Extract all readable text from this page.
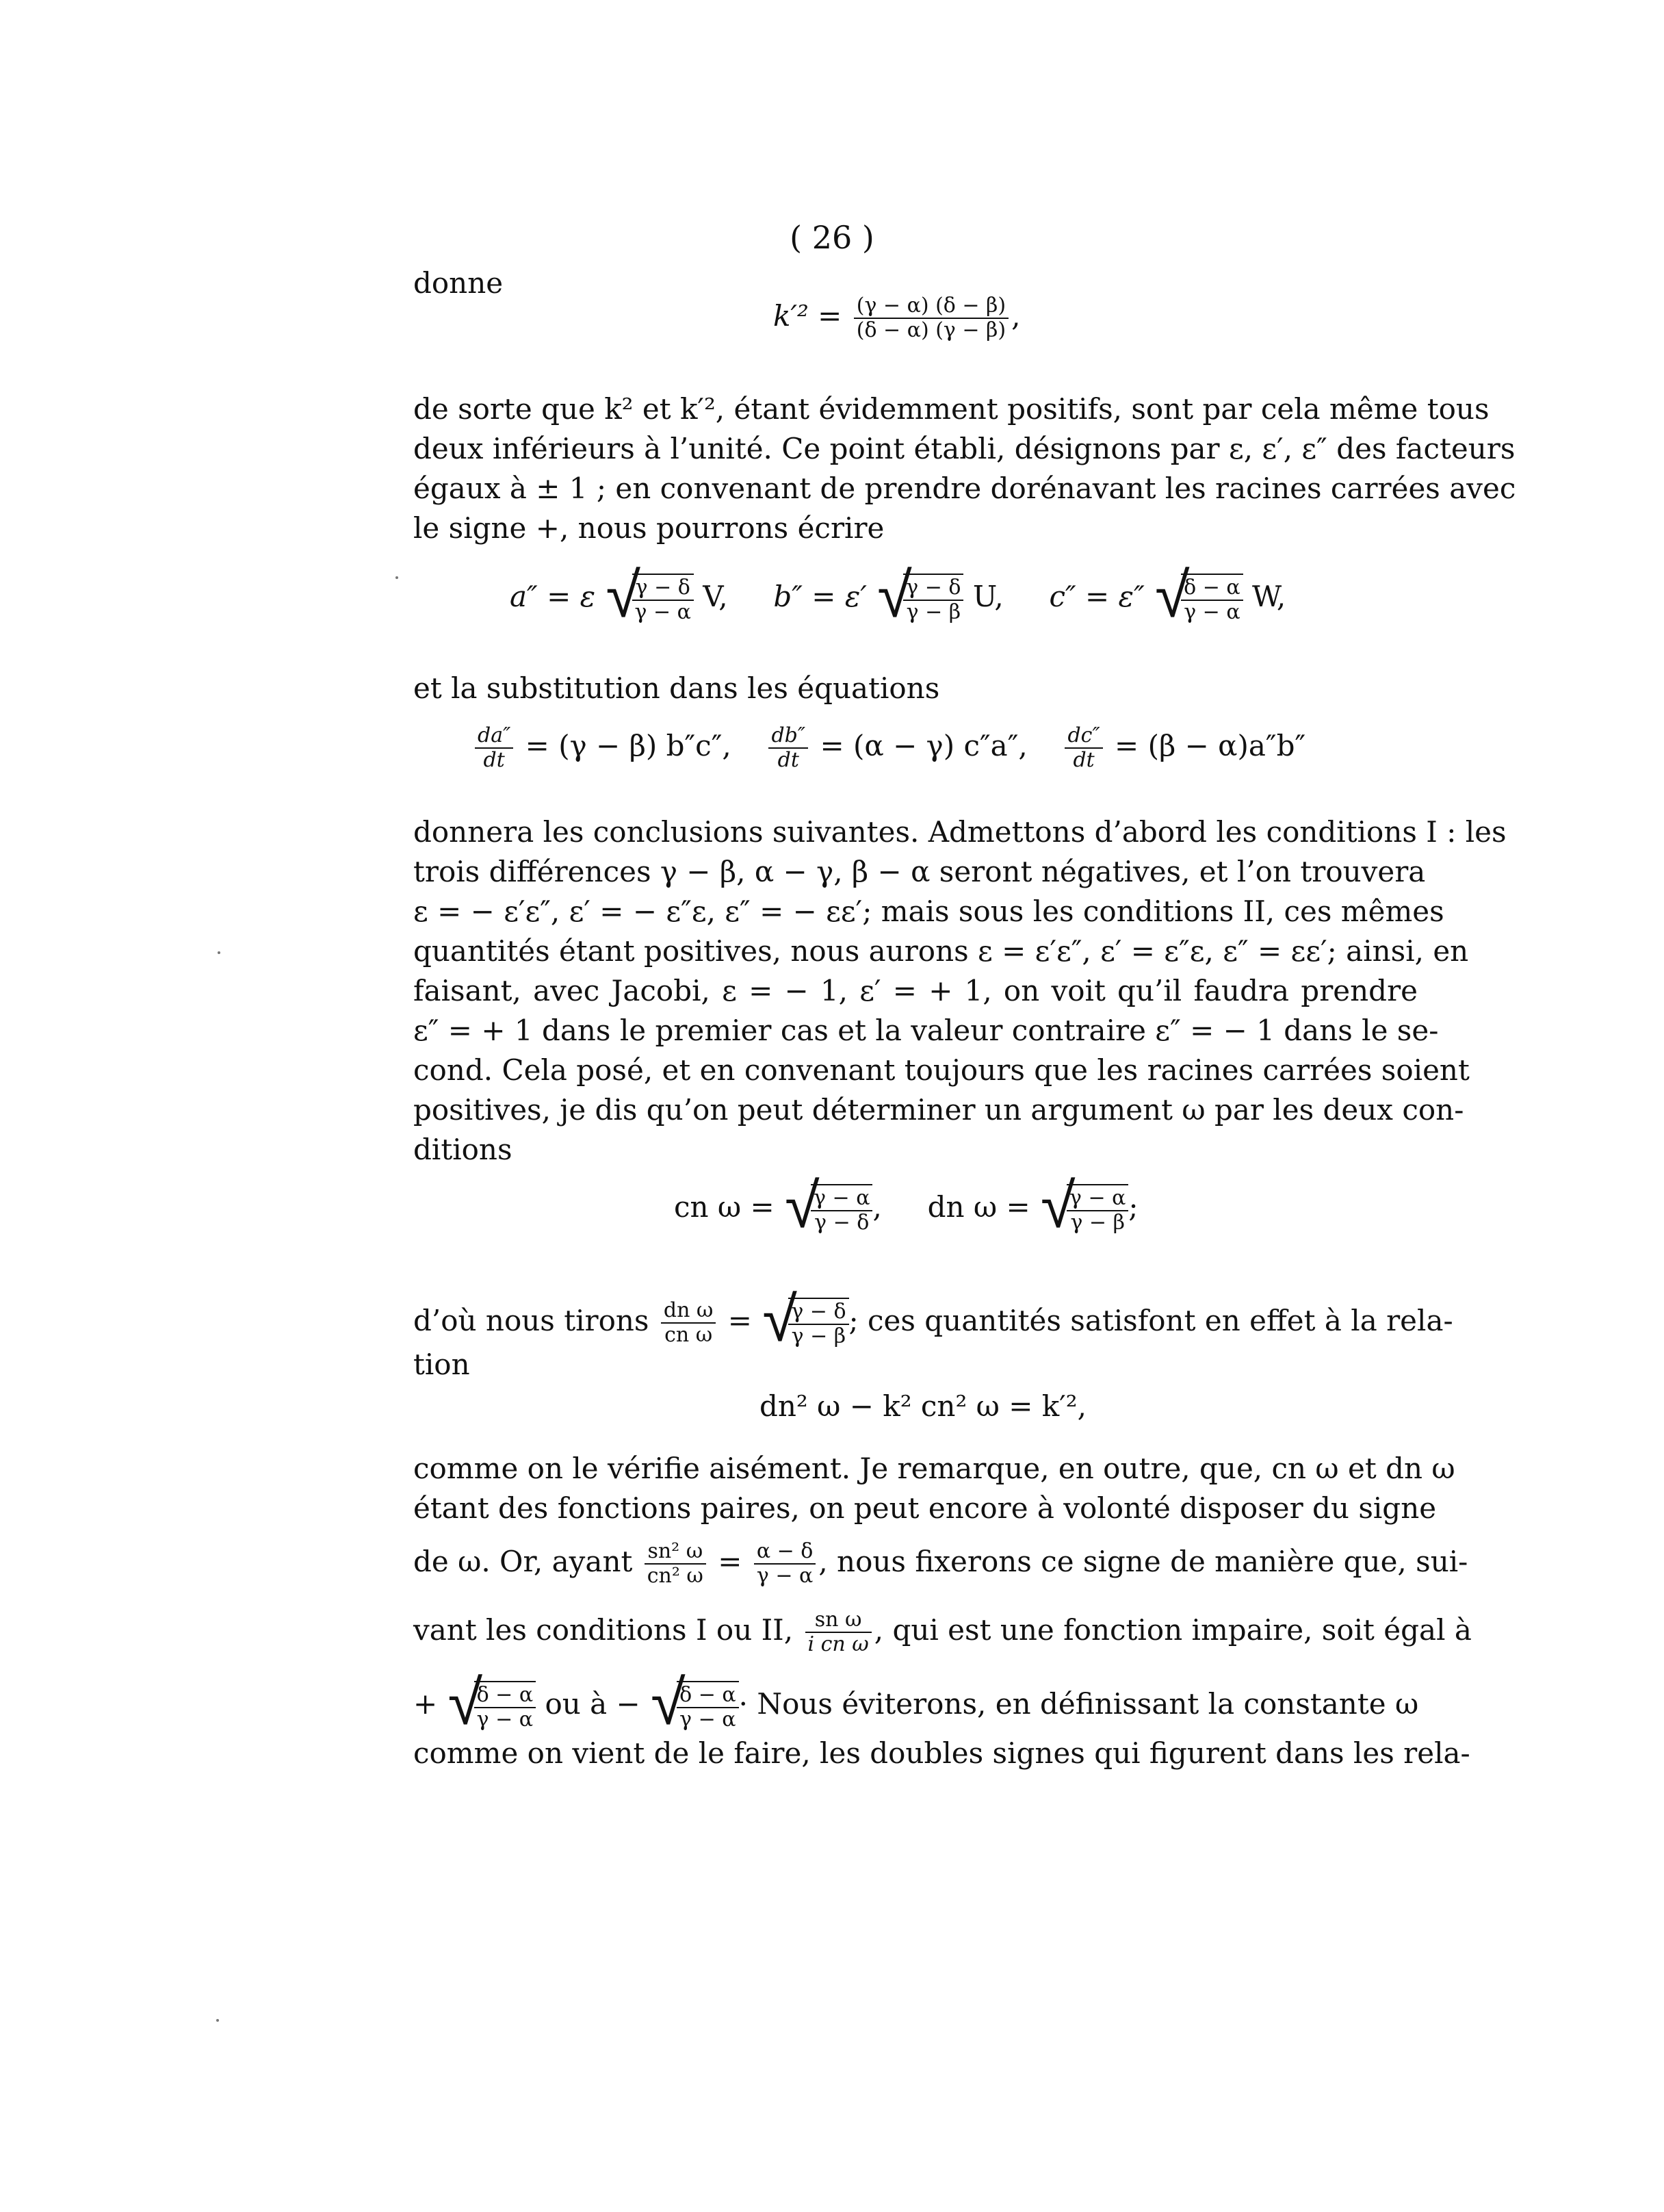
( 26 )
donne
$k'^2 = \frac{(\gamma - \alpha) (\delta - \beta)}{(\delta - \alpha) (\gamma - \beta)}$ ,
de sorte que k² et k′², étant évidemment positifs, sont par cela même tous
deux inférieurs à l’unité. Ce point établi, désignons par ε, ε′, ε″ des facteurs
égaux à ± 1 ; en convenant de prendre dorénavant les racines carrées avec
le signe +, nous pourrons écrire
a″ = ε √ $\frac{\gamma - \delta}{\gamma - \alpha} V$, b″ = ε′ √ $\frac{\gamma - \delta}{\gamma - \beta} U$, c″ = ε″ √ $\frac{\delta - \alpha}{\gamma - \alpha} W$,
et la substitution dans les équations
$\frac{da''}{dt} = (\gamma - \beta)$ b″c″, $\frac{db''}{dt} = (\alpha - \gamma)$ c″a″, $\frac{dc''}{dt} = (\beta - \alpha)a''b''$
donnera les conclusions suivantes. Admettons d’abord les conditions I : les
trois différences γ − β, α − γ, β − α seront négatives, et l’on trouvera
ε = − ε′ε″, ε′ = − ε″ε, ε″ = − εε′; mais sous les conditions II, ces mêmes
quantités étant positives, nous aurons ε = ε′ε″, ε′ = ε″ε, ε″ = εε′; ainsi, en
faisant, avec Jacobi, ε = − 1, ε′ = + 1, on voit qu’il faudra prendre
ε″ = + 1 dans le premier cas et la valeur contraire ε″ = − 1 dans le se-
cond. Cela posé, et en convenant toujours que les racines carrées soient
positives, je dis qu’on peut déterminer un argument ω par les deux con-
ditions
cn ω = √ $\frac{\gamma - \alpha}{\gamma - \delta}$ , dn ω = √ $\frac{\gamma - \alpha}{\gamma - \beta}$ ;
d’où nous tirons $\frac{\text{dn ω}}{\text{cn ω}}$ = √ $\frac{\gamma - \delta}{\gamma - \beta}$ ; ces quantités satisfont en effet à la rela-
tion
dn² ω − k² cn² ω = k′²,
comme on le vérifie aisément. Je remarque, en outre, que, cn ω et dn ω
étant des fonctions paires, on peut encore à volonté disposer du signe
de ω. Or, ayant $\frac{\text{sn² ω}}{\text{cn² ω}} = \frac{\alpha - \delta}{\gamma - \alpha}$ , nous fixerons ce signe de manière que, sui-
vant les conditions I ou II, $\frac{\text{sn ω}}{\text{i cn ω}}$ , qui est une fonction impaire, soit égal à
+ √ $\frac{\delta - \alpha}{\gamma - \alpha}$ ou à − √ $\frac{\delta - \alpha}{\gamma - \alpha}$ · Nous éviterons, en définissant la constante ω
comme on vient de le faire, les doubles signes qui figurent dans les rela-
